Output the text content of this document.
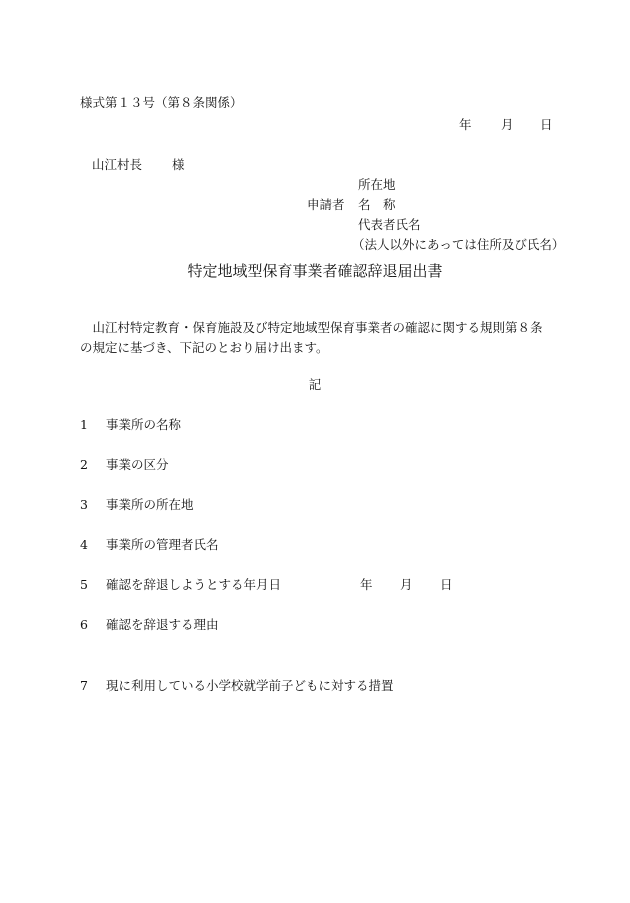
様式第１３号（第８条関係）
年 月 日
山江村長 様
所在地
申請者 名　称
代表者氏名
（法人以外にあっては住所及び氏名）
特定地域型保育事業者確認辞退届出書
山江村特定教育・保育施設及び特定地域型保育事業者の確認に関する規則第８条の規定に基づき、下記のとおり届け出ます。
記
1 事業所の名称
2 事業の区分
3 事業所の所在地
4 事業所の管理者氏名
5 確認を辞退しようとする年月日	年 月 日
6 確認を辞退する理由
7 現に利用している小学校就学前子どもに対する措置
